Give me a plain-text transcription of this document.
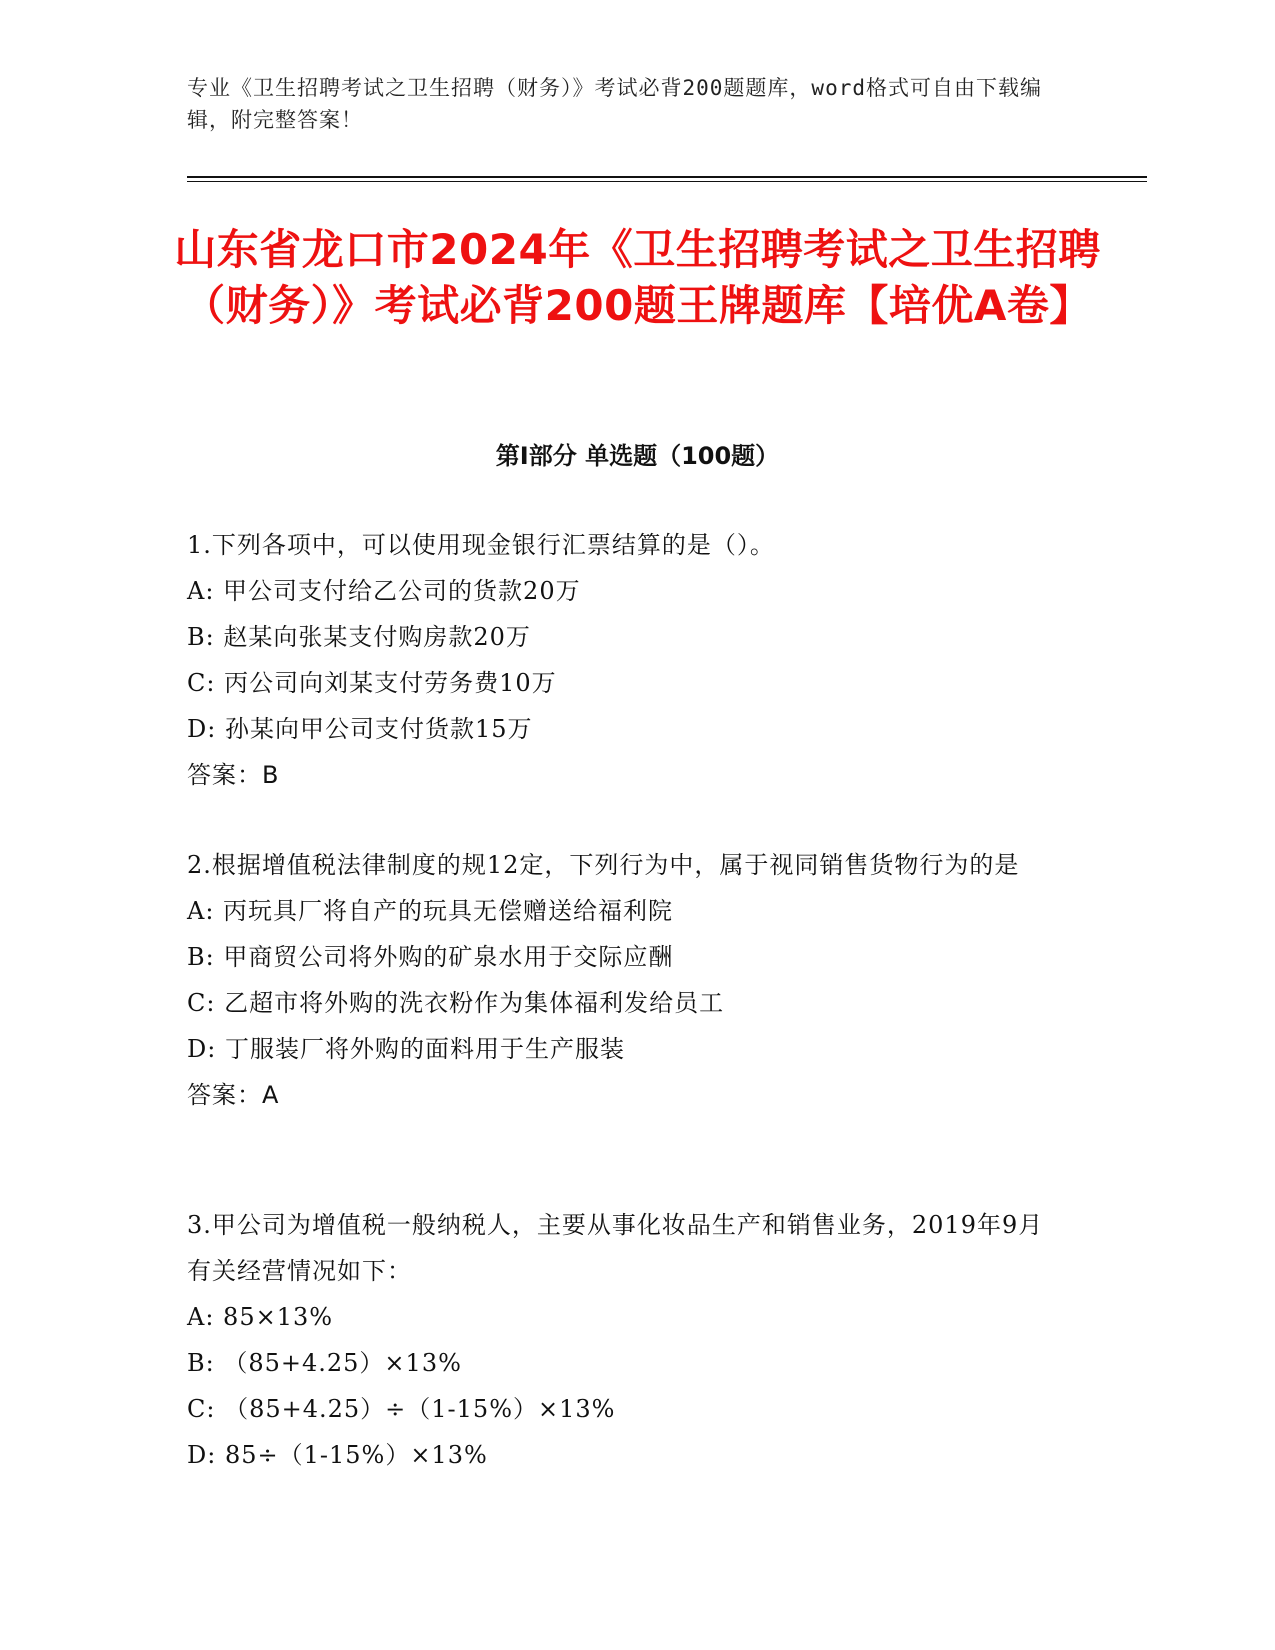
专业《卫生招聘考试之卫生招聘（财务）》考试必背200题题库，word格式可自由下载编辑，附完整答案！
山东省龙口市2024年《卫生招聘考试之卫生招聘（财务）》考试必背200题王牌题库【培优A卷】
第I部分 单选题（100题）

1.下列各项中，可以使用现金银行汇票结算的是（）。

A: 甲公司支付给乙公司的货款20万

B: 赵某向张某支付购房款20万

C: 丙公司向刘某支付劳务费10万

D: 孙某向甲公司支付货款15万

答案：B

2.根据增值税法律制度的规12定，下列行为中，属于视同销售货物行为的是

A: 丙玩具厂将自产的玩具无偿赠送给福利院

B: 甲商贸公司将外购的矿泉水用于交际应酬

C: 乙超市将外购的洗衣粉作为集体福利发给员工

D: 丁服装厂将外购的面料用于生产服装

答案：A

3.甲公司为增值税一般纳税人，主要从事化妆品生产和销售业务，2019年9月有关经营情况如下：

A: 85×13%

B: （85+4.25）×13%

C: （85+4.25）÷（1-15%）×13%

D: 85÷（1-15%）×13%
